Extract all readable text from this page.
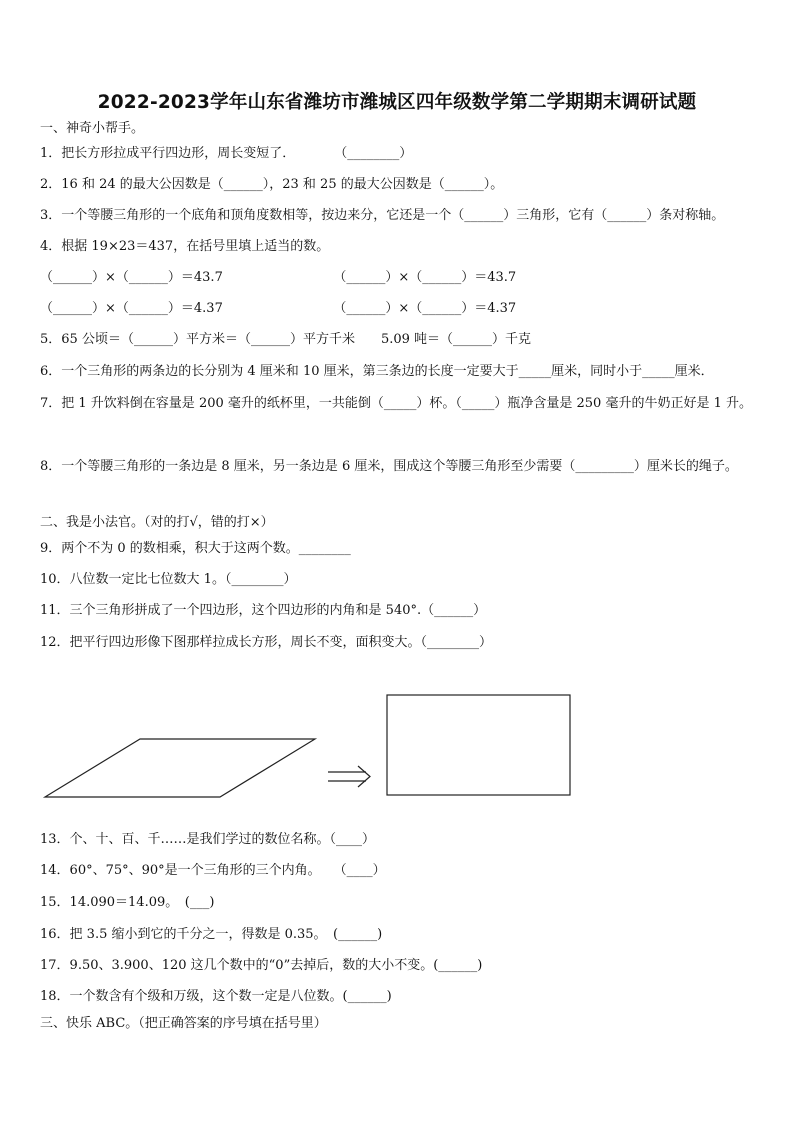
2022-2023学年山东省潍坊市潍城区四年级数学第二学期期末调研试题
一、神奇小帮手。
1．把长方形拉成平行四边形，周长变短了．　　　　（________）
2．16 和 24 的最大公因数是（______），23 和 25 的最大公因数是（______）。
3．一个等腰三角形的一个底角和顶角度数相等，按边来分，它还是一个（______）三角形，它有（______）条对称轴。
4．根据 19×23＝437，在括号里填上适当的数。
（______）×（______）＝43.7　　　　　　　　　（______）×（______）＝43.7
（______）×（______）＝4.37　　　　　　　　　（______）×（______）＝4.37
5．65 公顷＝（______）平方米＝（______）平方千米　　5.09 吨＝（______）千克
6．一个三角形的两条边的长分别为 4 厘米和 10 厘米，第三条边的长度一定要大于_____厘米，同时小于_____厘米．
7．把 1 升饮料倒在容量是 200 毫升的纸杯里，一共能倒（_____）杯。（_____）瓶净含量是 250 毫升的牛奶正好是 1 升。
8．一个等腰三角形的一条边是 8 厘米，另一条边是 6 厘米，围成这个等腰三角形至少需要（_________）厘米长的绳子。
二、我是小法官。（对的打√，错的打×）
9．两个不为 0 的数相乘，积大于这两个数。________
10．八位数一定比七位数大 1。（________）
11．三个三角形拼成了一个四边形，这个四边形的内角和是 540°.（______）
12．把平行四边形像下图那样拉成长方形，周长不变，面积变大。（________）
13．个、十、百、千……是我们学过的数位名称。（____）
14．60°、75°、90°是一个三角形的三个内角。　　（____）
15．14.090＝14.09。　(___)
16．把 3.5 缩小到它的千分之一，得数是 0.35。　(______)
17．9.50、3.900、120 这几个数中的“0”去掉后，数的大小不变。(______)
18．一个数含有个级和万级，这个数一定是八位数。(______)
三、快乐 ABC。（把正确答案的序号填在括号里）
